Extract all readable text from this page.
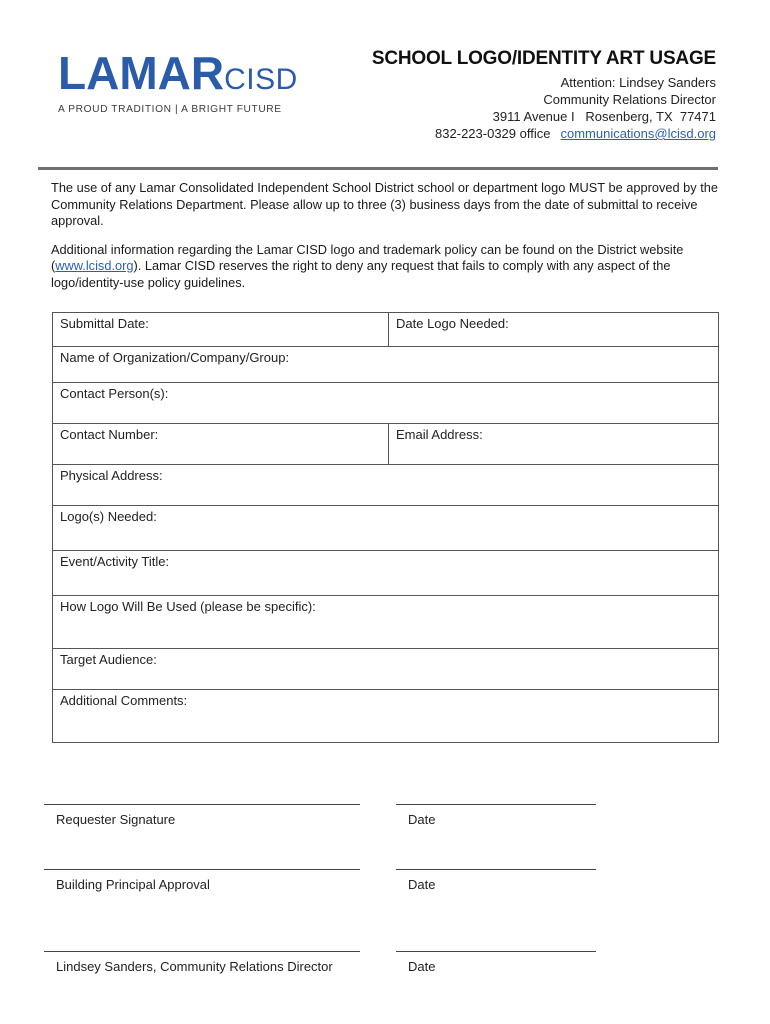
LAMARCISD
A PROUD TRADITION | A BRIGHT FUTURE
SCHOOL LOGO/IDENTITY ART USAGE
Attention: Lindsey Sanders
Community Relations Director
3911 Avenue I   Rosenberg, TX  77471
832-223-0329 office communications@lcisd.org

The use of any Lamar Consolidated Independent School District school or department logo MUST be approved by the Community Relations Department. Please allow up to three (3) business days from the date of submittal to receive approval.

Additional information regarding the Lamar CISD logo and trademark policy can be found on the District website (www.lcisd.org). Lamar CISD reserves the right to deny any request that fails to comply with any aspect of the logo/identity-use policy guidelines.

Submittal Date:	Date Logo Needed:
Name of Organization/Company/Group:
Contact Person(s):
Contact Number:	Email Address:
Physical Address:
Logo(s) Needed:
Event/Activity Title:
How Logo Will Be Used (please be specific):
Target Audience:
Additional Comments:
Requester Signature	Date
Building Principal Approval	Date
Lindsey Sanders, Community Relations Director	Date
